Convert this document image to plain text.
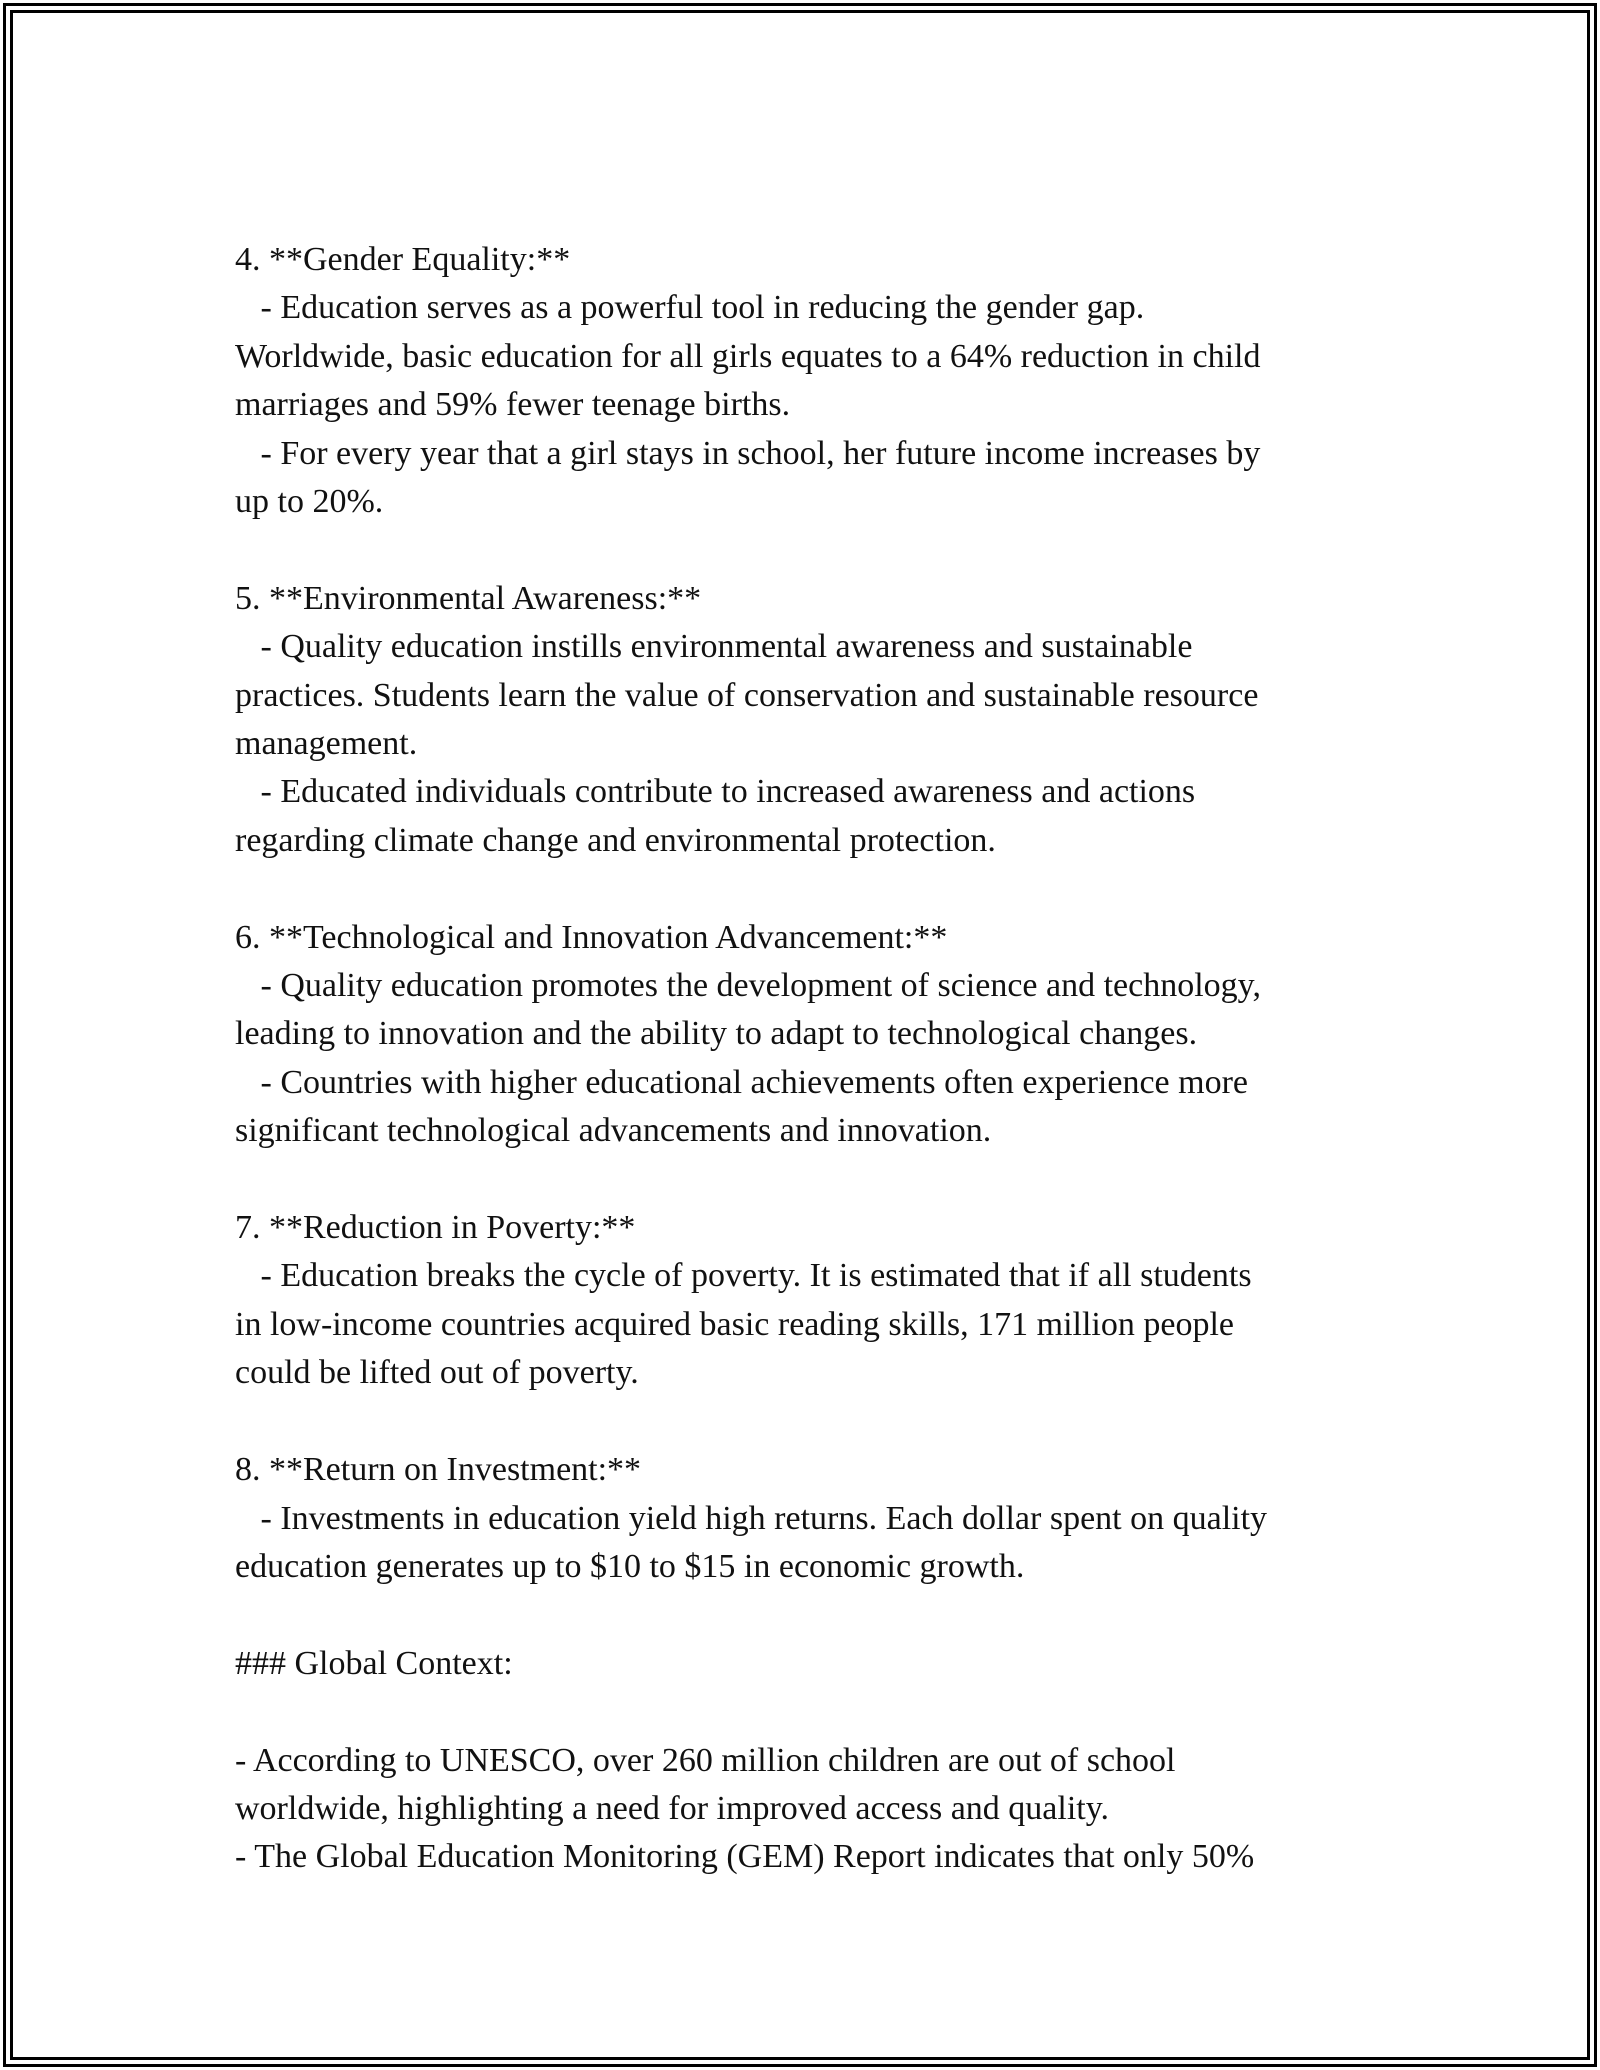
4. **Gender Equality:**

- Education serves as a powerful tool in reducing the gender gap.

Worldwide, basic education for all girls equates to a 64% reduction in child

marriages and 59% fewer teenage births.

- For every year that a girl stays in school, her future income increases by

up to 20%.

5. **Environmental Awareness:**

- Quality education instills environmental awareness and sustainable

practices. Students learn the value of conservation and sustainable resource

management.

- Educated individuals contribute to increased awareness and actions

regarding climate change and environmental protection.

6. **Technological and Innovation Advancement:**

- Quality education promotes the development of science and technology,

leading to innovation and the ability to adapt to technological changes.

- Countries with higher educational achievements often experience more

significant technological advancements and innovation.

7. **Reduction in Poverty:**

- Education breaks the cycle of poverty. It is estimated that if all students

in low-income countries acquired basic reading skills, 171 million people

could be lifted out of poverty.

8. **Return on Investment:**

- Investments in education yield high returns. Each dollar spent on quality

education generates up to $10 to $15 in economic growth.

### Global Context:

- According to UNESCO, over 260 million children are out of school

worldwide, highlighting a need for improved access and quality.

- The Global Education Monitoring (GEM) Report indicates that only 50%
